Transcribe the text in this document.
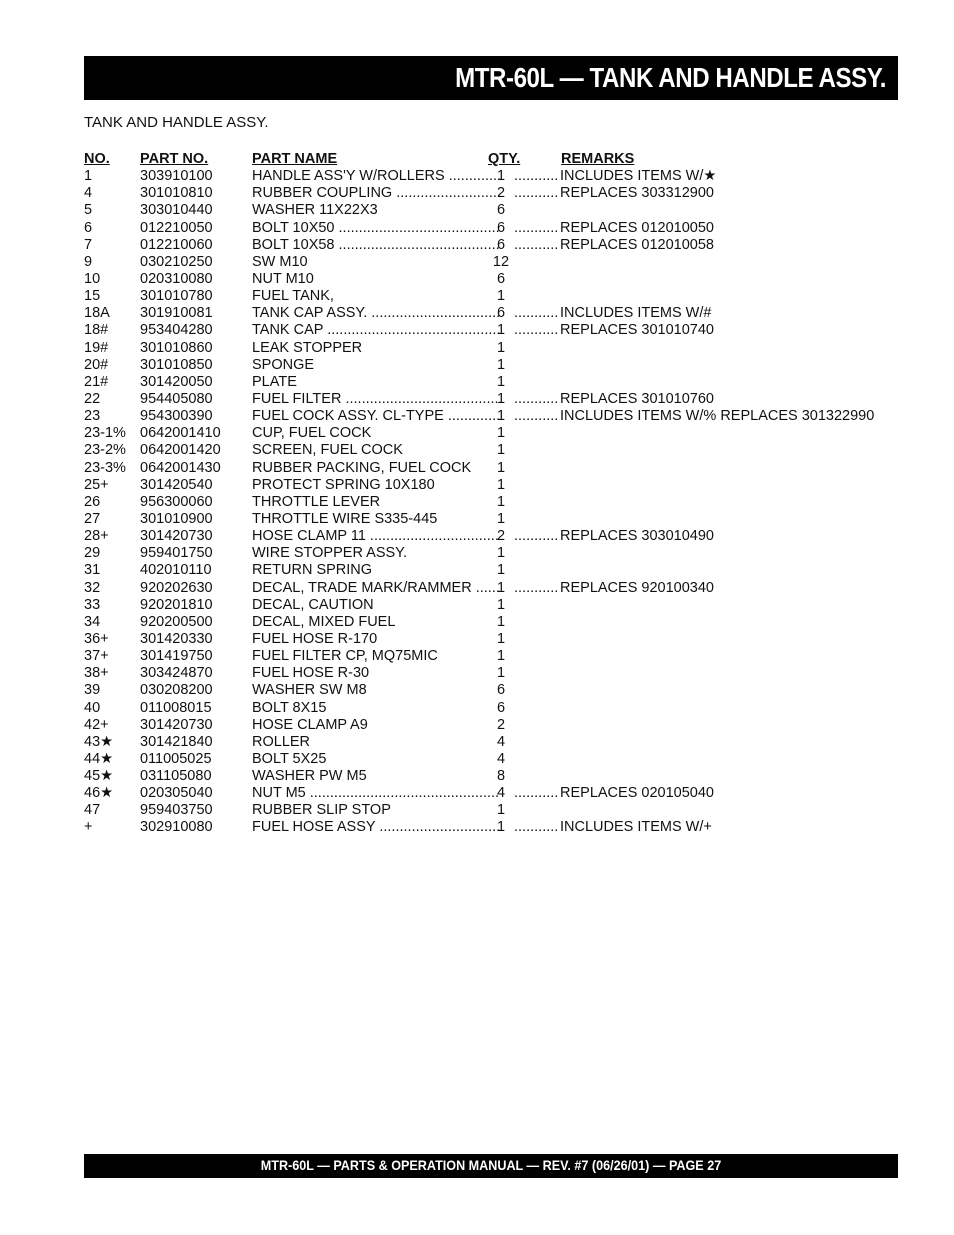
MTR-60L — TANK AND HANDLE ASSY.
TANK AND HANDLE ASSY.
NO. PART NO.	PART NAME	QTY.	REMARKS
1	303910100	HANDLE ASS'Y W/ROLLERS .....	1 .....	INCLUDES ITEMS W/★
4	301010810	RUBBER COUPLING .....	2 .....	REPLACES 303312900
5	303010440	WASHER 11X22X3	6
6	012210050	BOLT 10X50 .....	6 .....	REPLACES 012010050
7	012210060	BOLT 10X58 .....	6 .....	REPLACES 012010058
9	030210250	SW M10	12
10	020310080	NUT M10	6
15	301010780	FUEL TANK,	1
18A 301910081	TANK CAP ASSY. .....	6 .....	INCLUDES ITEMS W/#
18# 953404280	TANK CAP .....	1 .....	REPLACES 301010740
19# 301010860	LEAK STOPPER	1
20# 301010850	SPONGE	1
21# 301420050	PLATE	1
22	954405080	FUEL FILTER .....	1 .....	REPLACES 301010760
23	954300390	FUEL COCK ASSY. CL-TYPE .....	1 .....	INCLUDES ITEMS W/% REPLACES 301322990
23-1% 0642001410 CUP, FUEL COCK	1
23-2% 0642001420 SCREEN, FUEL COCK	1
23-3% 0642001430 RUBBER PACKING, FUEL COCK	1
25+ 301420540	PROTECT SPRING 10X180	1
26	956300060	THROTTLE LEVER	1
27	301010900	THROTTLE WIRE S335-445	1
28+ 301420730	HOSE CLAMP 11 .....	2 .....	REPLACES 303010490
29	959401750	WIRE STOPPER ASSY.	1
31	402010110	RETURN SPRING	1
32	920202630	DECAL, TRADE MARK/RAMMER .....	1 .....	REPLACES 920100340
33	920201810	DECAL, CAUTION	1
34	920200500	DECAL, MIXED FUEL	1
36+ 301420330	FUEL HOSE R-170	1
37+ 301419750	FUEL FILTER CP, MQ75MIC	1
38+ 303424870	FUEL HOSE R-30	1
39	030208200	WASHER SW M8	6
40	011008015	BOLT 8X15	6
42+ 301420730	HOSE CLAMP A9	2
43★ 301421840	ROLLER	4
44★ 011005025	BOLT 5X25	4
45★ 031105080	WASHER PW M5	8
46★ 020305040	NUT M5 .....	4 .....	REPLACES 020105040
47	959403750	RUBBER SLIP STOP	1
+	302910080	FUEL HOSE ASSY .....	1 .....	INCLUDES ITEMS W/+
MTR-60L — PARTS & OPERATION MANUAL — REV. #7 (06/26/01) — PAGE 27
